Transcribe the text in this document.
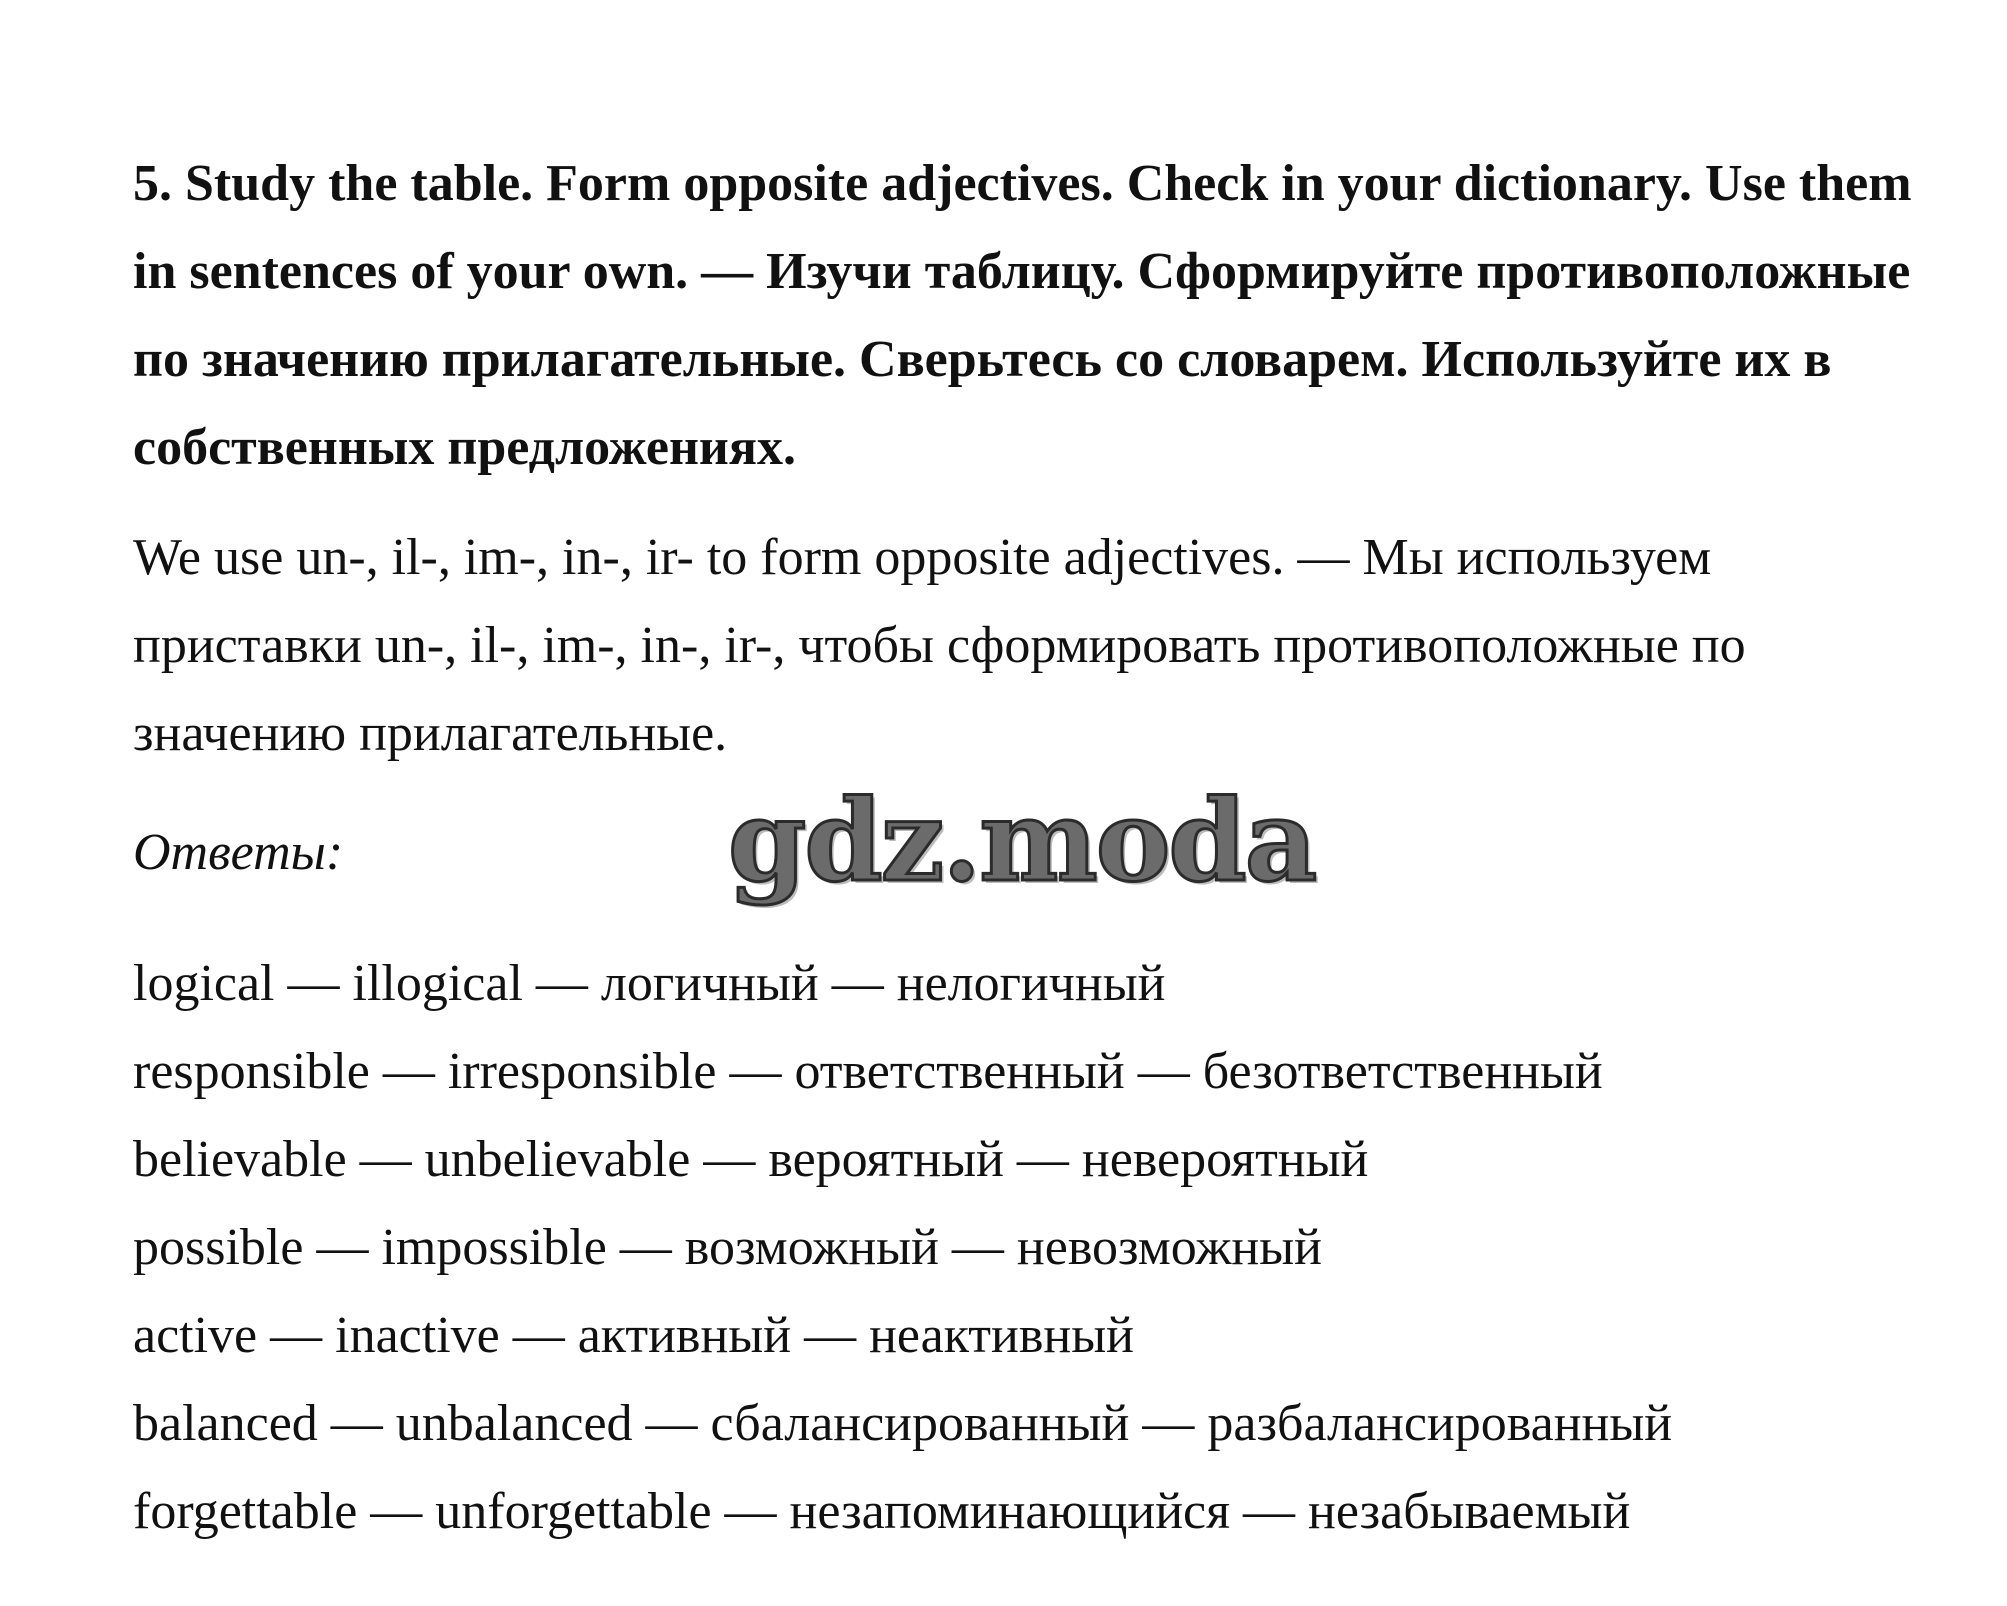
5. Study the table. Form opposite adjectives. Check in your dictionary. Use them in sentences of your own. — Изучи таблицу. Сформируйте противоположные по значению прилагательные. Сверьтесь со словарем. Используйте их в собственных предложениях.

We use un-, il-, im-, in-, ir- to form opposite adjectives. — Мы используем приставки un-, il-, im-, in-, ir-, чтобы сформировать противоположные по значению прилагательные.

Ответы:	gdz.moda
logical — illogical — логичный — нелогичный
responsible — irresponsible — ответственный — безответственный
believable — unbelievable — вероятный — невероятный
possible — impossible — возможный — невозможный
active — inactive — активный — неактивный
balanced — unbalanced — сбалансированный — разбалансированный
forgettable — unforgettable — незапоминающийся — незабываемый
